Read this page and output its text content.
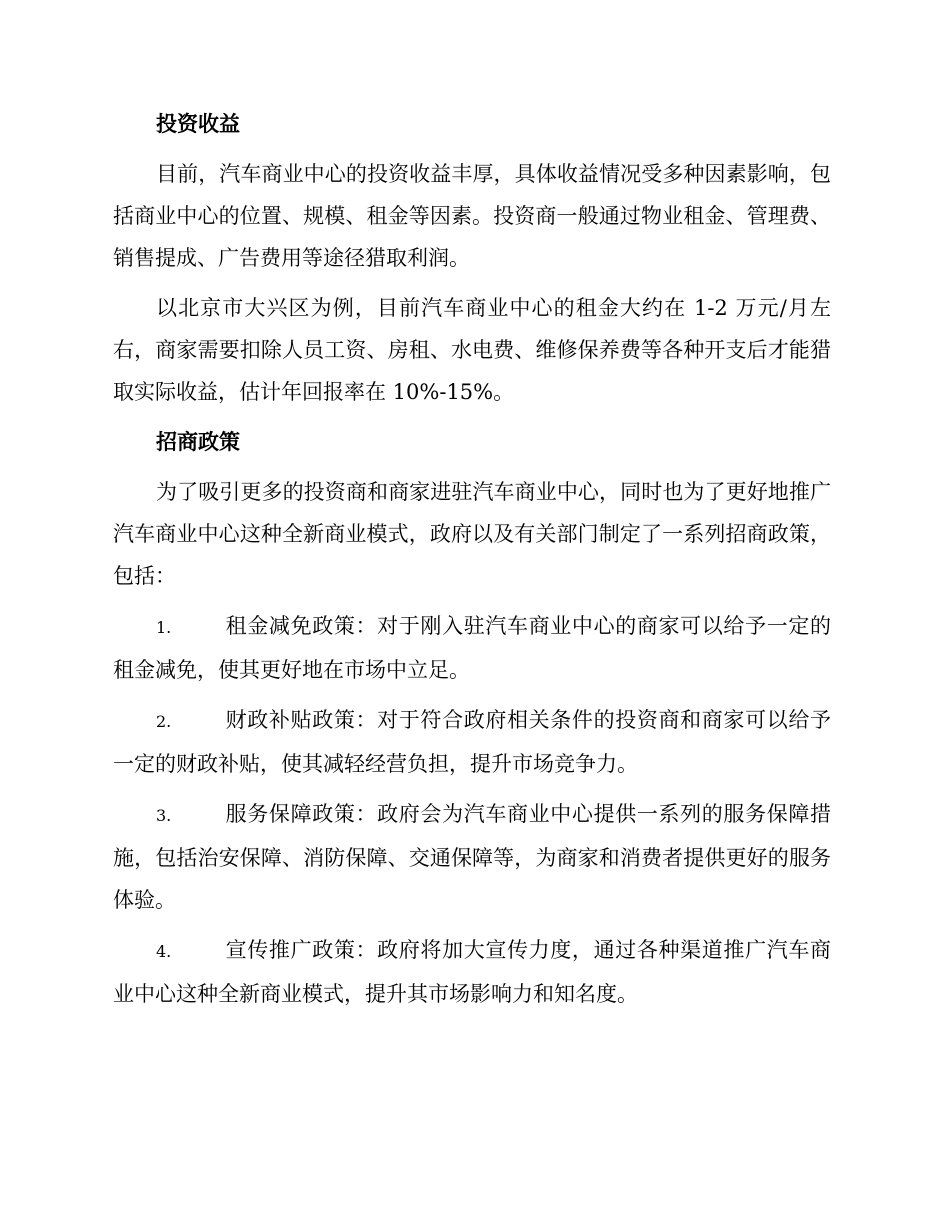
投资收益

目前，汽车商业中心的投资收益丰厚，具体收益情况受多种因素影响，包括商业中心的位置、规模、租金等因素。投资商一般通过物业租金、管理费、销售提成、广告费用等途径猎取利润。

以北京市大兴区为例，目前汽车商业中心的租金大约在 1-2 万元/月左右，商家需要扣除人员工资、房租、水电费、维修保养费等各种开支后才能猎取实际收益，估计年回报率在 10%-15%。

招商政策

为了吸引更多的投资商和商家进驻汽车商业中心，同时也为了更好地推广汽车商业中心这种全新商业模式，政府以及有关部门制定了一系列招商政策，包括：

1.	租金减免政策：对于刚入驻汽车商业中心的商家可以给予一定的租金减免，使其更好地在市场中立足。

2.	财政补贴政策：对于符合政府相关条件的投资商和商家可以给予一定的财政补贴，使其减轻经营负担，提升市场竞争力。

3.	服务保障政策：政府会为汽车商业中心提供一系列的服务保障措施，包括治安保障、消防保障、交通保障等，为商家和消费者提供更好的服务体验。

4.	宣传推广政策：政府将加大宣传力度，通过各种渠道推广汽车商业中心这种全新商业模式，提升其市场影响力和知名度。
